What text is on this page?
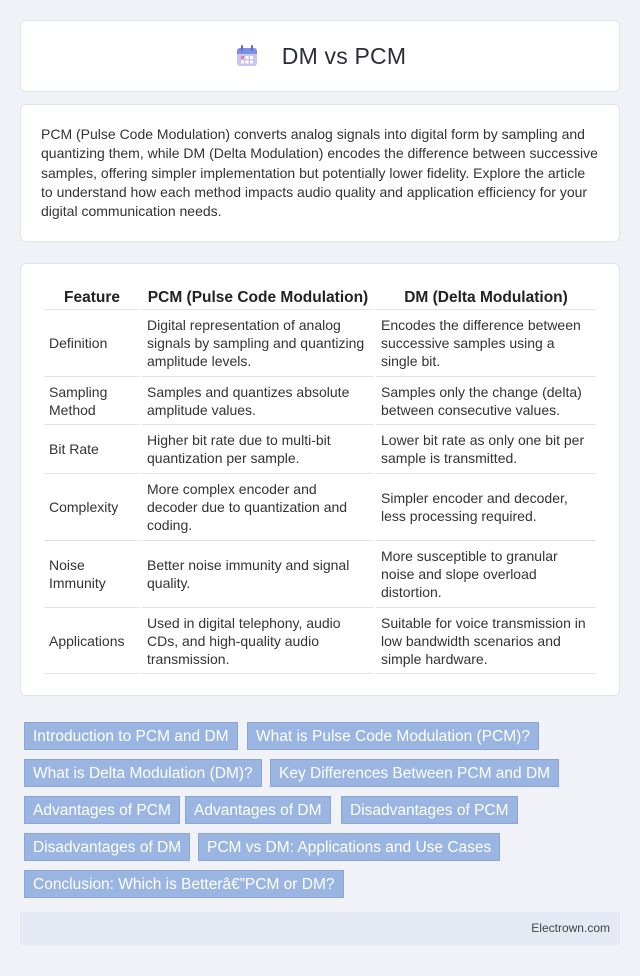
DM vs PCM

PCM (Pulse Code Modulation) converts analog signals into digital form by sampling and quantizing them, while DM (Delta Modulation) encodes the difference between successive samples, offering simpler implementation but potentially lower fidelity. Explore the article to understand how each method impacts audio quality and application efficiency for your digital communication needs.

Feature	PCM (Pulse Code Modulation)	DM (Delta Modulation)
Definition	Digital representation of analog signals by sampling and quantizing amplitude levels.	Encodes the difference between successive samples using a single bit.
Sampling Method	Samples and quantizes absolute amplitude values.	Samples only the change (delta) between consecutive values.
Bit Rate	Higher bit rate due to multi-bit quantization per sample.	Lower bit rate as only one bit per sample is transmitted.
Complexity	More complex encoder and decoder due to quantization and coding.	Simpler encoder and decoder, less processing required.
Noise Immunity	Better noise immunity and signal quality.	More susceptible to granular noise and slope overload distortion.
Applications	Used in digital telephony, audio CDs, and high-quality audio transmission.	Suitable for voice transmission in low bandwidth scenarios and simple hardware.
Introduction to PCM and DM	What is Pulse Code Modulation (PCM)?
What is Delta Modulation (DM)?	Key Differences Between PCM and DM
Advantages of PCM	Advantages of DM	Disadvantages of PCM
Disadvantages of DM	PCM vs DM: Applications and Use Cases
Conclusion: Which is Betterâ€”PCM or DM?
Electrown.com
